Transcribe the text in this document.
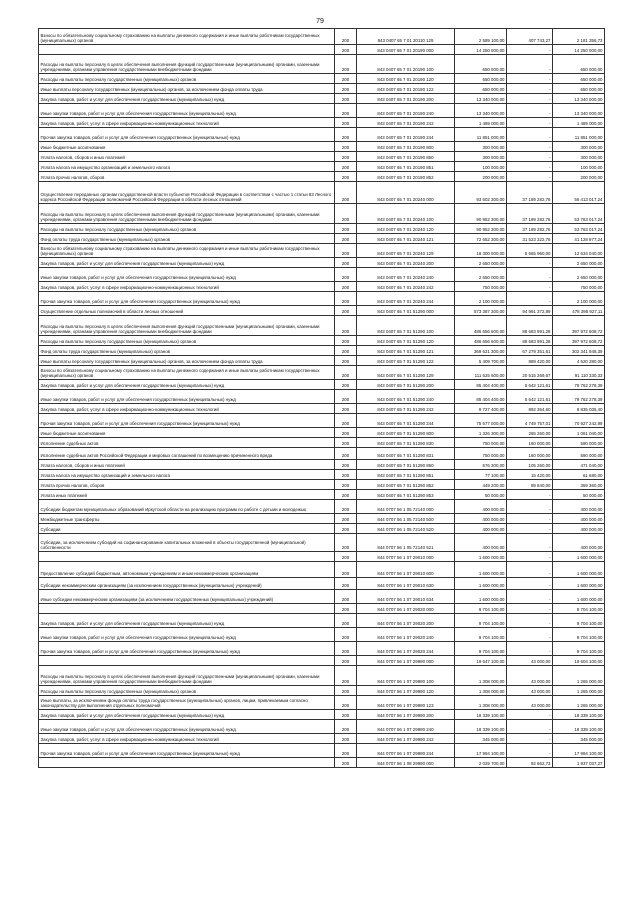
79
Взносы по обязательному социальному страхованию на выплаты денежного содержания и иные выплаты работникам государственных (муниципальных) органов	200	843 0407 65 7 01 20110 129	2 589 100,00	407 743,27	2 181 356,73
	200	843 0407 65 7 01 20190 000	14 250 000,00	-	14 250 000,00
Расходы на выплаты персоналу в целях обеспечения выполнения функций государственными (муниципальными) органами, казенными учреждениями, органами управления государственными внебюджетными фондами	200	843 0407 65 7 01 20190 100	650 000,00	-	650 000,00
Расходы на выплаты персоналу государственных (муниципальных) органов	200	843 0407 65 7 01 20190 120	650 000,00	-	650 000,00
Иные выплаты персоналу государственных (муниципальных) органов, за исключением фонда оплаты труда	200	843 0407 65 7 01 20190 122	650 000,00	-	650 000,00
Закупка товаров, работ и услуг для обеспечения государственных (муниципальных) нужд	200	843 0407 65 7 01 20190 200	13 340 000,00	-	13 340 000,00
Иные закупки товаров, работ и услуг для обеспечения государственных (муниципальных) нужд	200	843 0407 65 7 01 20190 240	13 340 000,00	-	13 340 000,00
Закупка товаров, работ, услуг в сфере информационно-коммуникационных технологий	200	843 0407 65 7 01 20190 242	1 489 000,00	-	1 489 000,00
Прочая закупка товаров, работ и услуг для обеспечения государственных (муниципальных) нужд	200	843 0407 65 7 01 20190 244	11 851 000,00	-	11 851 000,00
Иные бюджетные ассигнования	200	843 0407 65 7 01 20190 800	300 000,00	-	300 000,00
Уплата налогов, сборов и иных платежей	200	843 0407 65 7 01 20190 850	300 000,00	-	300 000,00
Уплата налога на имущество организаций и земельного налога	200	843 0407 65 7 01 20190 851	100 000,00	-	100 000,00
Уплата прочих налогов, сборов	200	843 0407 65 7 01 20190 852	200 000,00	-	200 000,00
Осуществление переданных органам государственной власти субъектов Российской Федерации в соответствии с частью 1 статьи 83 Лесного кодекса Российской Федерации полномочий Российской Федерации в области лесных отношений	200	843 0407 65 7 01 20240 000	93 602 300,00	37 189 282,76	56 413 017,24
Расходы на выплаты персоналу в целях обеспечения выполнения функций государственными (муниципальными) органами, казенными учреждениями, органами управления государственными внебюджетными фондами	200	843 0407 65 7 01 20240 100	90 952 300,00	37 189 282,76	53 763 017,24
Расходы на выплаты персоналу государственных (муниципальных) органов	200	843 0407 65 7 01 20240 120	90 952 300,00	37 189 282,76	53 763 017,24
Фонд оплаты труда государственных (муниципальных) органов	200	843 0407 65 7 01 20240 121	72 652 300,00	31 523 322,76	41 128 977,24
Взносы по обязательному социальному страхованию на выплаты денежного содержания и иные выплаты работникам государственных (муниципальных) органов	200	843 0407 65 7 01 20240 129	18 300 000,00	5 665 960,00	12 634 040,00
Закупка товаров, работ и услуг для обеспечения государственных (муниципальных) нужд	200	843 0407 65 7 01 20240 200	2 650 000,00	-	2 650 000,00
Иные закупки товаров, работ и услуг для обеспечения государственных (муниципальных) нужд	200	843 0407 65 7 01 20240 240	2 650 000,00	-	2 650 000,00
Закупка товаров, работ, услуг в сфере информационно-коммуникационных технологий	200	843 0407 65 7 01 20240 242	750 000,00	-	750 000,00
Прочая закупка товаров, работ и услуг для обеспечения государственных (муниципальных) нужд	200	843 0407 65 7 01 20240 244	2 100 000,00	-	2 100 000,00
Осуществление отдельных полномочий в области лесных отношений	200	843 0407 65 7 01 51290 000	573 387 300,00	94 991 372,89	478 395 927,11
Расходы на выплаты персоналу в целях обеспечения выполнения функций государственными (муниципальными) органами, казенными учреждениями, органами управления государственными внебюджетными фондами	200	843 0407 65 7 01 51290 100	486 656 600,00	88 683 991,28	397 972 608,72
Расходы на выплаты персоналу государственных (муниципальных) органов	200	843 0407 65 7 01 51290 120	486 656 600,00	88 683 991,28	397 972 608,72
Фонд оплаты труда государственных (муниципальных) органов	200	843 0407 65 7 01 51290 121	369 621 300,00	67 279 351,61	302 341 948,39
Иные выплаты персоналу государственных (муниципальных) органов, за исключением фонда оплаты труда	200	843 0407 65 7 01 51290 122	5 409 700,00	889 420,00	4 520 280,00
Взносы по обязательному социальному страхованию на выплаты денежного содержания и иные выплаты работникам государственных (муниципальных) органов	200	843 0407 65 7 01 51290 129	111 625 600,00	20 515 269,67	91 110 330,33
Закупка товаров, работ и услуг для обеспечения государственных (муниципальных) нужд	200	843 0407 65 7 01 51290 200	85 404 400,00	5 642 121,61	79 762 278,39
Иные закупки товаров, работ и услуг для обеспечения государственных (муниципальных) нужд	200	843 0407 65 7 01 51290 240	85 404 400,00	5 642 121,61	79 762 278,39
Закупка товаров, работ, услуг в сфере информационно-коммуникационных технологий	200	843 0407 65 7 01 51290 242	9 727 400,00	892 364,60	8 835 035,40
Прочая закупка товаров, работ и услуг для обеспечения государственных (муниципальных) нужд	200	843 0407 65 7 01 51290 244	75 677 000,00	4 749 757,01	70 927 242,99
Иные бюджетные ассигнования	200	843 0407 65 7 01 51290 800	1 326 300,00	265 260,00	1 061 040,00
Исполнение судебных актов	200	843 0407 65 7 01 51290 830	750 000,00	160 000,00	590 000,00
Исполнение судебных актов Российской Федерации и мировых соглашений по возмещению причиненного вреда	200	843 0407 65 7 01 51290 831	750 000,00	160 000,00	590 000,00
Уплата налогов, сборов и иных платежей	200	843 0407 65 7 01 51290 850	576 300,00	105 260,00	471 040,00
Уплата налога на имущество организаций и земельного налога	200	843 0407 65 7 01 51290 851	77 100,00	15 420,00	61 680,00
Уплата прочих налогов, сборов	200	843 0407 65 7 01 51290 852	449 200,00	89 840,00	359 360,00
Уплата иных платежей	200	843 0407 65 7 01 51290 853	50 000,00	-	50 000,00
Субсидии бюджетам муниципальных образований Иркутской области на реализацию программ по работе с детьми и молодежью	200	844 0707 56 1 05 72140 000	400 000,00	-	400 000,00
Межбюджетные трансферты	200	844 0707 56 1 05 72140 500	400 000,00	-	400 000,00
Субсидии	200	844 0707 56 1 05 72140 520	400 000,00	-	400 000,00
Субсидии, за исключением субсидий на софинансирование капитальных вложений в объекты государственной (муниципальной) собственности	200	844 0707 56 1 05 72140 521	400 000,00	-	400 000,00
	200	844 0707 56 1 07 29010 000	1 600 000,00	-	1 600 000,00
Предоставление субсидий бюджетным, автономным учреждениям и иным некоммерческим организациям	200	844 0707 56 1 07 29010 600	1 600 000,00	-	1 600 000,00
Субсидии некоммерческим организациям (за исключением государственных (муниципальных) учреждений)	200	844 0707 56 1 07 29010 630	1 600 000,00	-	1 600 000,00
Иные субсидии некоммерческим организациям (за исключением государственных (муниципальных) учреждений)	200	844 0707 56 1 07 29010 634	1 600 000,00	-	1 600 000,00
	200	844 0707 56 1 07 29020 000	9 704 100,00	-	9 704 100,00
Закупка товаров, работ и услуг для обеспечения государственных (муниципальных) нужд	200	844 0707 56 1 07 29020 200	9 704 100,00	-	9 704 100,00
Иные закупки товаров, работ и услуг для обеспечения государственных (муниципальных) нужд	200	844 0707 56 1 07 29020 240	9 704 100,00	-	9 704 100,00
Прочая закупка товаров, работ и услуг для обеспечения государственных (муниципальных) нужд	200	844 0707 56 1 07 29020 244	9 704 100,00	-	9 704 100,00
	200	844 0707 56 1 07 29990 000	19 647 100,00	43 000,00	19 604 100,00
Расходы на выплаты персоналу в целях обеспечения выполнения функций государственными (муниципальными) органами, казенными учреждениями, органами управления государственными внебюджетными фондами	200	844 0707 56 1 07 29990 100	1 308 000,00	43 000,00	1 265 000,00
Расходы на выплаты персоналу государственных (муниципальных) органов	200	844 0707 56 1 07 29990 120	1 308 000,00	43 000,00	1 265 000,00
Иные выплаты, за исключением фонда оплаты труда государственных (муниципальных) органов, лицам, привлекаемым согласно законодательству для выполнения отдельных полномочий	200	844 0707 56 1 07 29990 123	1 308 000,00	43 000,00	1 265 000,00
Закупка товаров, работ и услуг для обеспечения государственных (муниципальных) нужд	200	844 0707 56 1 07 29990 200	18 339 100,00	-	18 339 100,00
Иные закупки товаров, работ и услуг для обеспечения государственных (муниципальных) нужд	200	844 0707 56 1 07 29990 240	18 339 100,00	-	18 339 100,00
Закупка товаров, работ, услуг в сфере информационно-коммуникационных технологий	200	844 0707 56 1 07 29990 242	345 000,00	-	345 000,00
Прочая закупка товаров, работ и услуг для обеспечения государственных (муниципальных) нужд	200	844 0707 56 1 07 29990 244	17 994 100,00	-	17 994 100,00
	200	844 0707 56 1 08 29990 000	2 029 700,00	92 662,73	1 937 037,27
